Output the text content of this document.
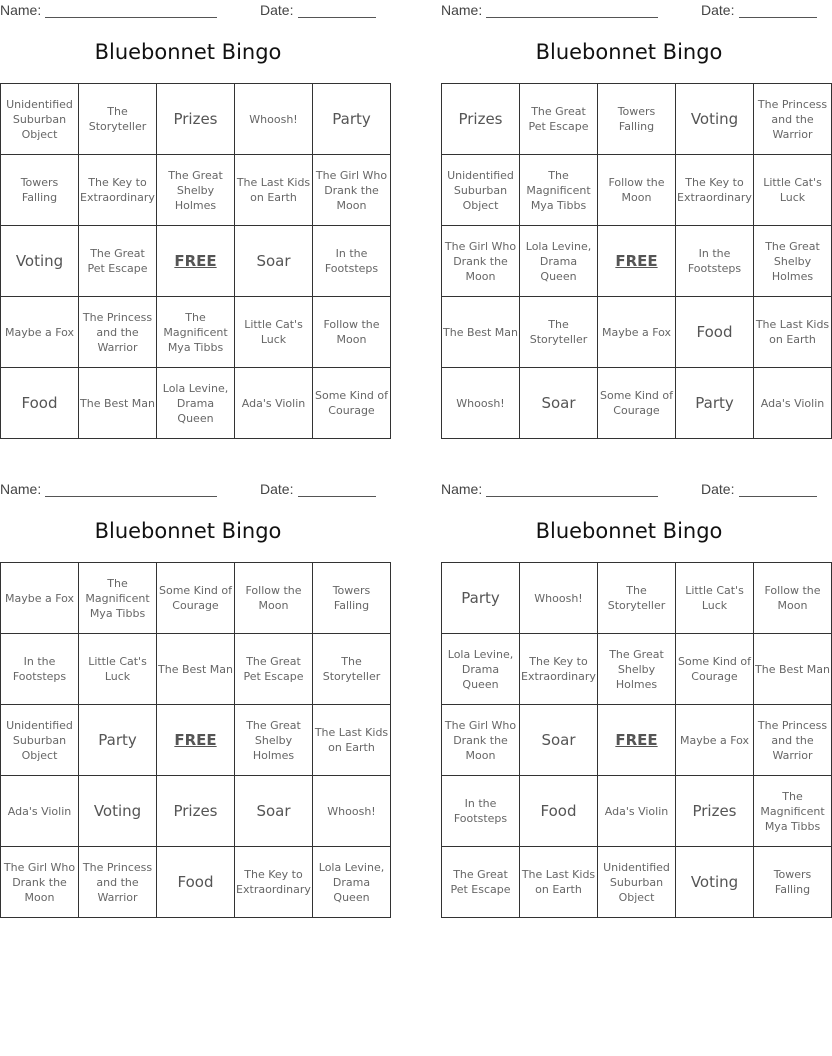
Name:	Date:
Bluebonnet Bingo
Unidentified Suburban Object	The Storyteller	Prizes	Whoosh!	Party
Towers Falling	The Key to Extraordinary	The Great Shelby Holmes	The Last Kids on Earth	The Girl Who Drank the Moon
Voting	The Great Pet Escape	FREE	Soar	In the Footsteps
Maybe a Fox	The Princess and the Warrior	The Magnificent Mya Tibbs	Little Cat's Luck	Follow the Moon
Food	The Best Man	Lola Levine, Drama Queen	Ada's Violin	Some Kind of Courage
Name:	Date:
Bluebonnet Bingo
Prizes	The Great Pet Escape	Towers Falling	Voting	The Princess and the Warrior
Unidentified Suburban Object	The Magnificent Mya Tibbs	Follow the Moon	The Key to Extraordinary	Little Cat's Luck
The Girl Who Drank the Moon	Lola Levine, Drama Queen	FREE	In the Footsteps	The Great Shelby Holmes
The Best Man	The Storyteller	Maybe a Fox	Food	The Last Kids on Earth
Whoosh!	Soar	Some Kind of Courage	Party	Ada's Violin
Name:	Date:
Bluebonnet Bingo
Maybe a Fox	The Magnificent Mya Tibbs	Some Kind of Courage	Follow the Moon	Towers Falling
In the Footsteps	Little Cat's Luck	The Best Man	The Great Pet Escape	The Storyteller
Unidentified Suburban Object	Party	FREE	The Great Shelby Holmes	The Last Kids on Earth
Ada's Violin	Voting	Prizes	Soar	Whoosh!
The Girl Who Drank the Moon	The Princess and the Warrior	Food	The Key to Extraordinary	Lola Levine, Drama Queen
Name:	Date:
Bluebonnet Bingo
Party	Whoosh!	The Storyteller	Little Cat's Luck	Follow the Moon
Lola Levine, Drama Queen	The Key to Extraordinary	The Great Shelby Holmes	Some Kind of Courage	The Best Man
The Girl Who Drank the Moon	Soar	FREE	Maybe a Fox	The Princess and the Warrior
In the Footsteps	Food	Ada's Violin	Prizes	The Magnificent Mya Tibbs
The Great Pet Escape	The Last Kids on Earth	Unidentified Suburban Object	Voting	Towers Falling
